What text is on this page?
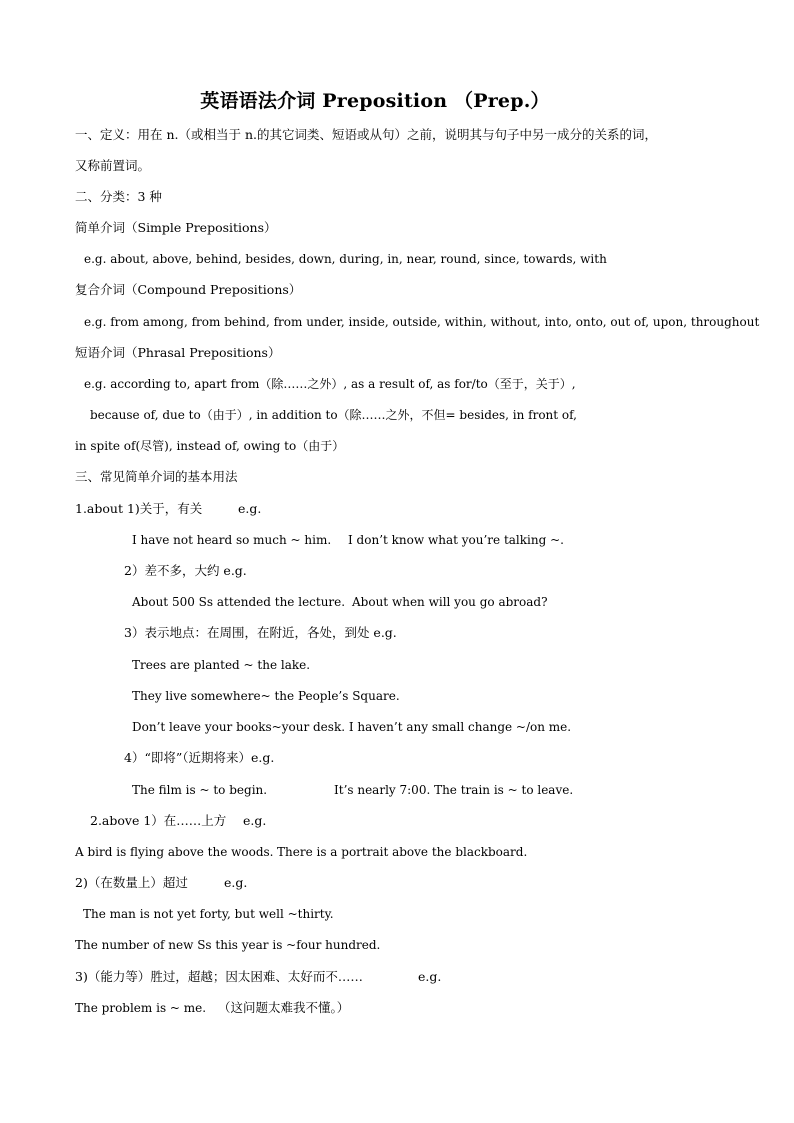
英语语法介词 Preposition （Prep.）
一、定义：用在 n.（或相当于 n.的其它词类、短语或从句）之前，说明其与句子中另一成分的关系的词，
又称前置词。
二、分类：3 种
简单介词（Simple Prepositions）
e.g. about, above, behind, besides, down, during, in, near, round, since, towards, with
复合介词（Compound Prepositions）
e.g. from among, from behind, from under, inside, outside, within, without, into, onto, out of, upon, throughout
短语介词（Phrasal Prepositions）
e.g. according to, apart from（除……之外）, as a result of, as for/to（至于，关于）,
because of, due to（由于）, in addition to（除……之外，不但= besides, in front of,
in spite of(尽管), instead of, owing to（由于）
三、常见简单介词的基本用法
1.about 1)关于，有关	e.g.
I have not heard so much ~ him. I don’t know what you’re talking ~.
2）差不多，大约 e.g.
About 500 Ss attended the lecture. About when will you go abroad?
3）表示地点：在周围，在附近，各处，到处 e.g.
Trees are planted ~ the lake.
They live somewhere~ the People’s Square.
Don’t leave your books~your desk. I haven’t any small change ~/on me.
4）“即将”（近期将来）e.g.
The film is ~ to begin.	It’s nearly 7:00. The train is ~ to leave.
2.above 1）在……上方 e.g.
A bird is flying above the woods. There is a portrait above the blackboard.
2)（在数量上）超过	e.g.
The man is not yet forty, but well ~thirty.
The number of new Ss this year is ~four hundred.
3)（能力等）胜过，超越；因太困难、太好而不……	e.g.
The problem is ~ me. （这问题太难我不懂。）
